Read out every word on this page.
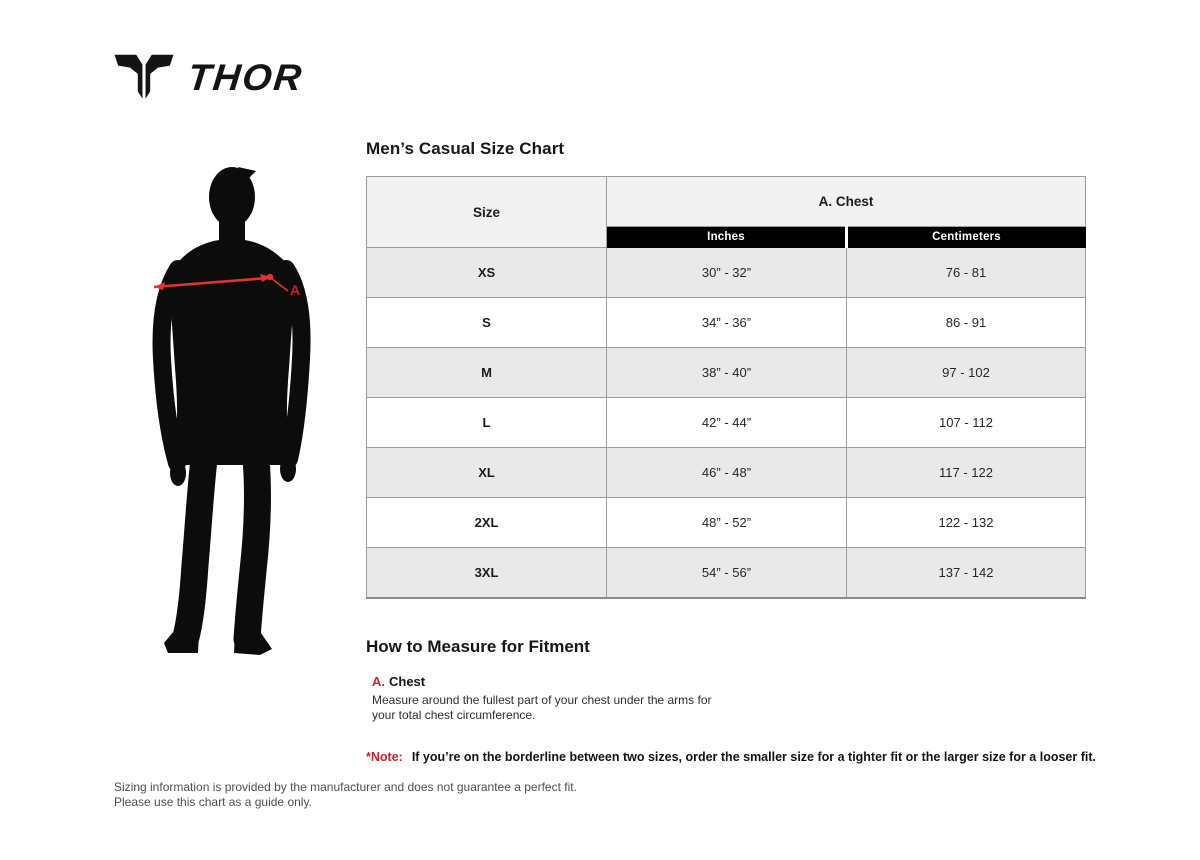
THOR
A
Men’s Casual Size Chart
Size	A. Chest	
	Inches	Centimeters
XS	30” - 32”	76 - 81
S	34” - 36”	86 - 91
M	38” - 40”	97 - 102
L	42” - 44”	107 - 112
XL	46” - 48”	117 - 122
2XL	48” - 52”	122 - 132
3XL	54” - 56”	137 - 142
How to Measure for Fitment
A. Chest
Measure around the fullest part of your chest under the arms for your total chest circumference.
*Note: If you’re on the borderline between two sizes, order the smaller size for a tighter fit or the larger size for a looser fit.
Sizing information is provided by the manufacturer and does not guarantee a perfect fit.
Please use this chart as a guide only.
